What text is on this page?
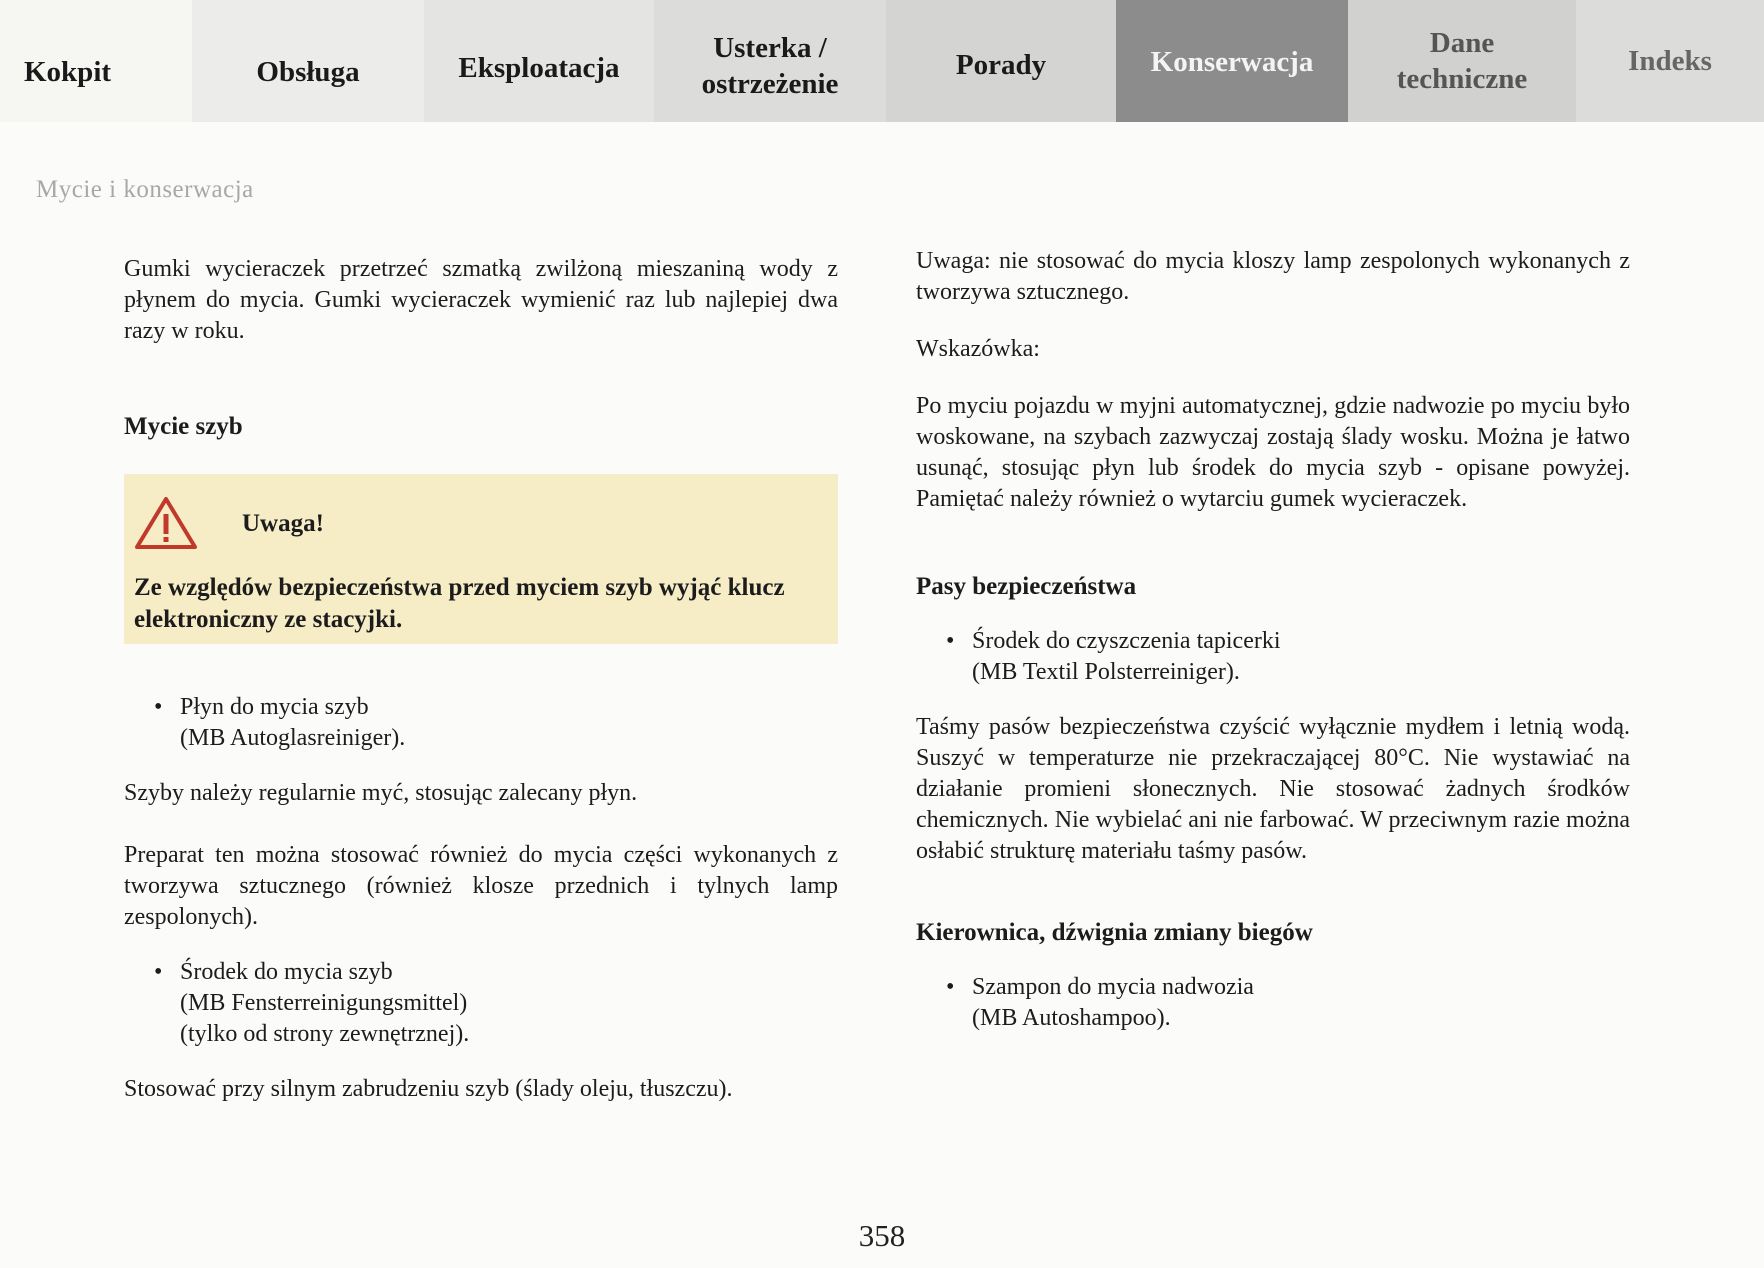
Kokpit	Obsługa	Eksploatacja
Usterka /
ostrzeżenie
Porady	Konserwacja
Dane
techniczne
Indeks
Mycie i konserwacja

Gumki wycieraczek przetrzeć szmatką zwilżoną mieszaniną wody z płynem do mycia. Gumki wycieraczek wymienić raz lub najlepiej dwa razy w roku.

Mycie szyb

Uwaga!

Ze względów bezpieczeństwa przed myciem szyb wyjąć klucz elektroniczny ze stacyjki.

• Płyn do mycia szyb
(MB Autoglasreiniger).

Szyby należy regularnie myć, stosując zalecany płyn.

Preparat ten można stosować również do mycia części wykonanych z tworzywa sztucznego (również klosze przednich i tylnych lamp zespolonych).

• Środek do mycia szyb
(MB Fensterreinigungsmittel)
(tylko od strony zewnętrznej).

Stosować przy silnym zabrudzeniu szyb (ślady oleju, tłuszczu).

Uwaga: nie stosować do mycia kloszy lamp zespolonych wykonanych z tworzywa sztucznego.

Wskazówka:

Po myciu pojazdu w myjni automatycznej, gdzie nadwozie po myciu było woskowane, na szybach zazwyczaj zostają ślady wosku. Można je łatwo usunąć, stosując płyn lub środek do mycia szyb - opisane powyżej. Pamiętać należy również o wytarciu gumek wycieraczek.

Pasy bezpieczeństwa

• Środek do czyszczenia tapicerki
(MB Textil Polsterreiniger).

Taśmy pasów bezpieczeństwa czyścić wyłącznie mydłem i letnią wodą. Suszyć w temperaturze nie przekraczającej 80°C. Nie wystawiać na działanie promieni słonecznych. Nie stosować żadnych środków chemicznych. Nie wybielać ani nie farbować. W przeciwnym razie można osłabić strukturę materiału taśmy pasów.

Kierownica, dźwignia zmiany biegów

• Szampon do mycia nadwozia
(MB Autoshampoo).
358
